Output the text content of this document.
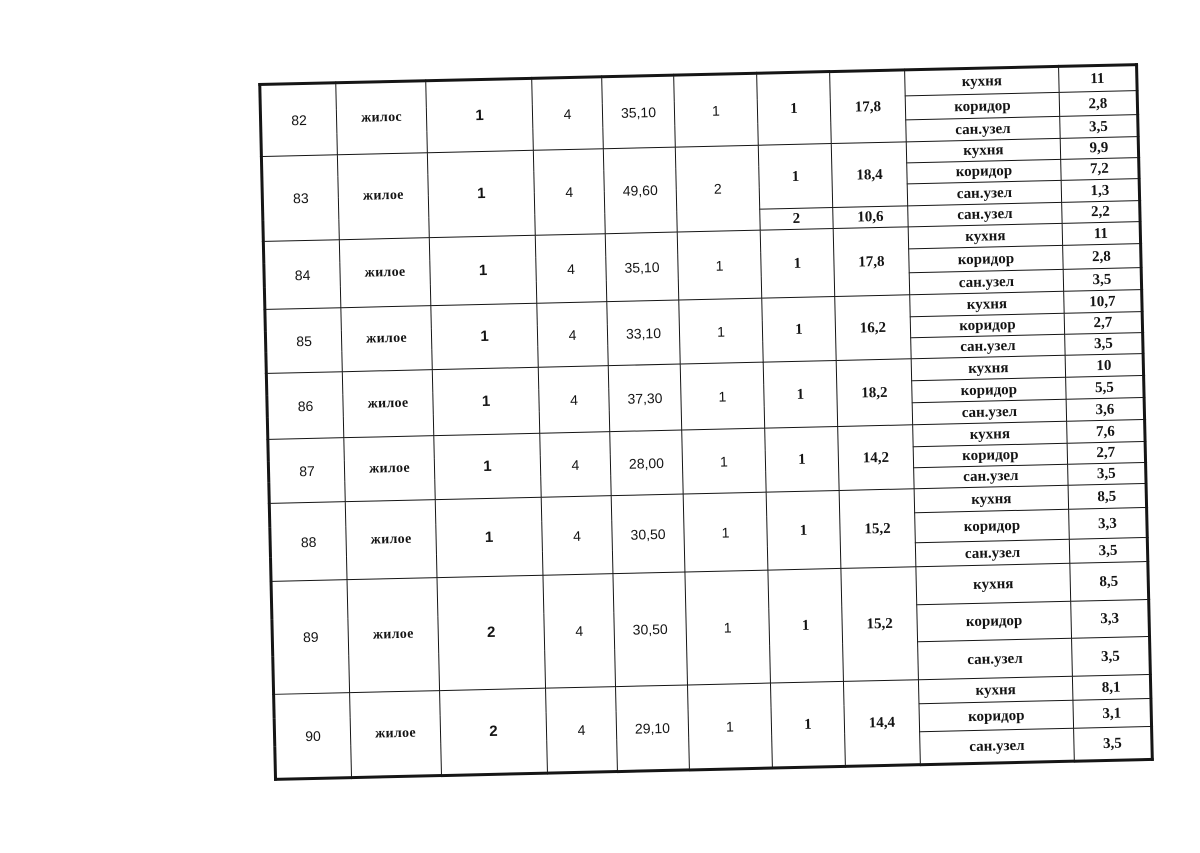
82	жилос	1	4	35,10	1	1	17,8	кухня	11
								коридор	2,8
								сан.узел	3,5
83	жилое	1	4	49,60	2	1	18,4	кухня	9,9
								коридор	7,2
								сан.узел	1,3
						2	10,6	сан.узел	2,2
84	жилое	1	4	35,10	1	1	17,8	кухня	11
								коридор	2,8
								сан.узел	3,5
85	жилое	1	4	33,10	1	1	16,2	кухня	10,7
								коридор	2,7
								сан.узел	3,5
86	жилое	1	4	37,30	1	1	18,2	кухня	10
								коридор	5,5
								сан.узел	3,6
87	жилое	1	4	28,00	1	1	14,2	кухня	7,6
								коридор	2,7
								сан.узел	3,5
88	жилое	1	4	30,50	1	1	15,2	кухня	8,5
								коридор	3,3
								сан.узел	3,5
89	жилое	2	4	30,50	1	1	15,2	кухня	8,5
								коридор	3,3
								сан.узел	3,5
90	жилое	2	4	29,10	1	1	14,4	кухня	8,1
								коридор	3,1
								сан.узел	3,5
